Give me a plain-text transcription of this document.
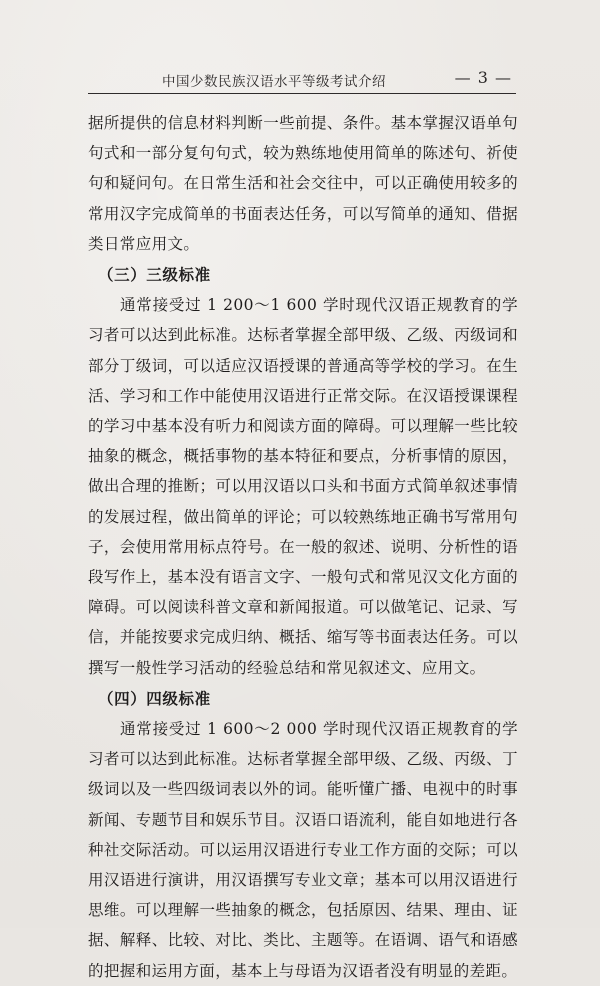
中国少数民族汉语水平等级考试介绍	— 3 —

据所提供的信息材料判断一些前提、条件。基本掌握汉语单句句式和一部分复句句式，较为熟练地使用简单的陈述句、祈使句和疑问句。在日常生活和社会交往中，可以正确使用较多的常用汉字完成简单的书面表达任务，可以写简单的通知、借据类日常应用文。

（三）三级标准

通常接受过 1 200～1 600 学时现代汉语正规教育的学习者可以达到此标准。达标者掌握全部甲级、乙级、丙级词和部分丁级词，可以适应汉语授课的普通高等学校的学习。在生活、学习和工作中能使用汉语进行正常交际。在汉语授课课程的学习中基本没有听力和阅读方面的障碍。可以理解一些比较抽象的概念，概括事物的基本特征和要点，分析事情的原因，做出合理的推断；可以用汉语以口头和书面方式简单叙述事情的发展过程，做出简单的评论；可以较熟练地正确书写常用句子，会使用常用标点符号。在一般的叙述、说明、分析性的语段写作上，基本没有语言文字、一般句式和常见汉文化方面的障碍。可以阅读科普文章和新闻报道。可以做笔记、记录、写信，并能按要求完成归纳、概括、缩写等书面表达任务。可以撰写一般性学习活动的经验总结和常见叙述文、应用文。

（四）四级标准

通常接受过 1 600～2 000 学时现代汉语正规教育的学习者可以达到此标准。达标者掌握全部甲级、乙级、丙级、丁级词以及一些四级词表以外的词。能听懂广播、电视中的时事新闻、专题节目和娱乐节目。汉语口语流利，能自如地进行各种社交际活动。可以运用汉语进行专业工作方面的交际；可以用汉语进行演讲，用汉语撰写专业文章；基本可以用汉语进行思维。可以理解一些抽象的概念，包括原因、结果、理由、证据、解释、比较、对比、类比、主题等。在语调、语气和语感的把握和运用方面，基本上与母语为汉语者没有明显的差距。
